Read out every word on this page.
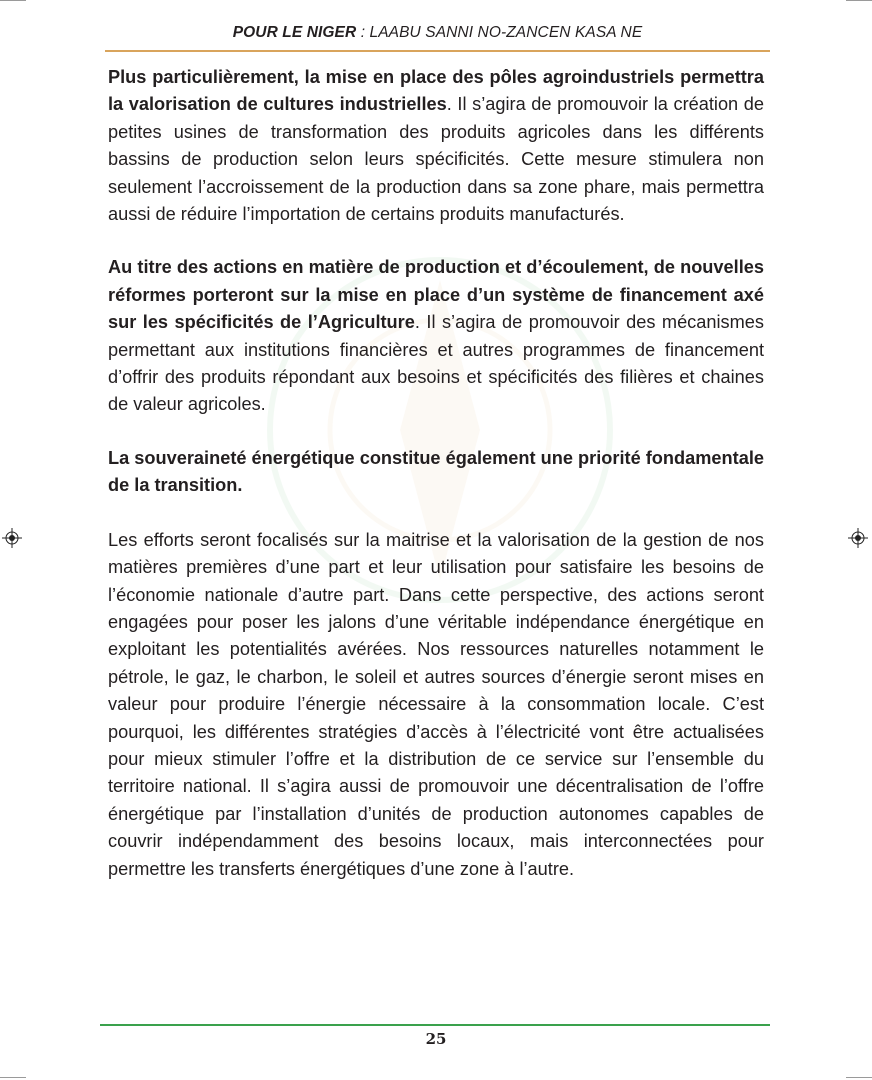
POUR LE NIGER : LAABU SANNI NO-ZANCEN KASA NE

Plus particulièrement, la mise en place des pôles agroindustriels permettra la valorisation de cultures industrielles. Il s’agira de promouvoir la création de petites usines de transformation des produits agricoles dans les différents bassins de production selon leurs spécificités. Cette mesure stimulera non seulement l’accroissement de la production dans sa zone phare, mais permettra aussi de réduire l’importation de certains produits manufacturés.

Au titre des actions en matière de production et d’écoulement, de nouvelles réformes porteront sur la mise en place d’un système de financement axé sur les spécificités de l’Agriculture. Il s’agira de promouvoir des mécanismes permettant aux institutions financières et autres programmes de financement d’offrir des produits répondant aux besoins et spécificités des filières et chaines de valeur agricoles.

La souveraineté énergétique constitue également une priorité fondamentale de la transition.

Les efforts seront focalisés sur la maitrise et la valorisation de la gestion de nos matières premières d’une part et leur utilisation pour satisfaire les besoins de l’économie nationale d’autre part. Dans cette perspective, des actions seront engagées pour poser les jalons d’une véritable indépendance énergétique en exploitant les potentialités avérées. Nos ressources naturelles notamment le pétrole, le gaz, le charbon, le soleil et autres sources d’énergie seront mises en valeur pour produire l’énergie nécessaire à la consommation locale. C’est pourquoi, les différentes stratégies d’accès à l’électricité vont être actualisées pour mieux stimuler l’offre et la distribution de ce service sur l’ensemble du territoire national. Il s’agira aussi de promouvoir une décentralisation de l’offre énergétique par l’installation d’unités de production autonomes capables de couvrir indépendamment des besoins locaux, mais interconnectées pour permettre les transferts énergétiques d’une zone à l’autre.

25
